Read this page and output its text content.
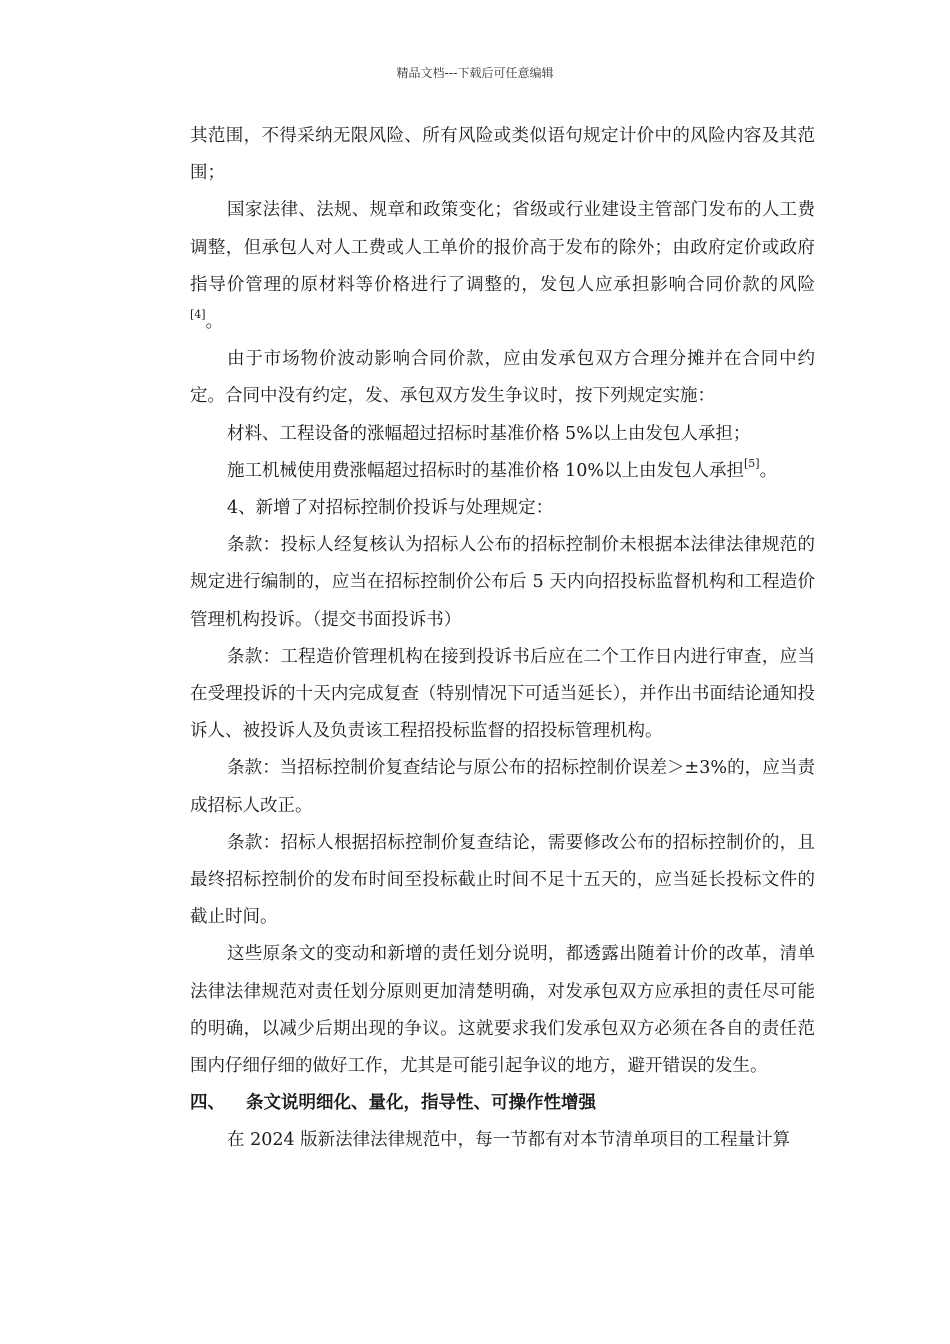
精品文档---下载后可任意编辑

其范围，不得采纳无限风险、所有风险或类似语句规定计价中的风险内容及其范围；

国家法律、法规、规章和政策变化；省级或行业建设主管部门发布的人工费调整，但承包人对人工费或人工单价的报价高于发布的除外；由政府定价或政府指导价管理的原材料等价格进行了调整的，发包人应承担影响合同价款的风险[4]。

由于市场物价波动影响合同价款，应由发承包双方合理分摊并在合同中约定。合同中没有约定，发、承包双方发生争议时，按下列规定实施：

材料、工程设备的涨幅超过招标时基准价格 5%以上由发包人承担；

施工机械使用费涨幅超过招标时的基准价格 10%以上由发包人承担[5]。

4、新增了对招标控制价投诉与处理规定：

条款：投标人经复核认为招标人公布的招标控制价未根据本法律法律规范的规定进行编制的，应当在招标控制价公布后 5 天内向招投标监督机构和工程造价管理机构投诉。（提交书面投诉书）

条款：工程造价管理机构在接到投诉书后应在二个工作日内进行审查，应当在受理投诉的十天内完成复查（特别情况下可适当延长），并作出书面结论通知投诉人、被投诉人及负责该工程招投标监督的招投标管理机构。

条款：当招标控制价复查结论与原公布的招标控制价误差＞±3%的，应当责成招标人改正。

条款：招标人根据招标控制价复查结论，需要修改公布的招标控制价的，且最终招标控制价的发布时间至投标截止时间不足十五天的，应当延长投标文件的截止时间。

这些原条文的变动和新增的责任划分说明，都透露出随着计价的改革，清单法律法律规范对责任划分原则更加清楚明确，对发承包双方应承担的责任尽可能的明确，以减少后期出现的争议。这就要求我们发承包双方必须在各自的责任范围内仔细仔细的做好工作，尤其是可能引起争议的地方，避开错误的发生。

四、	条文说明细化、量化，指导性、可操作性增强

在 2024 版新法律法律规范中，每一节都有对本节清单项目的工程量计算
